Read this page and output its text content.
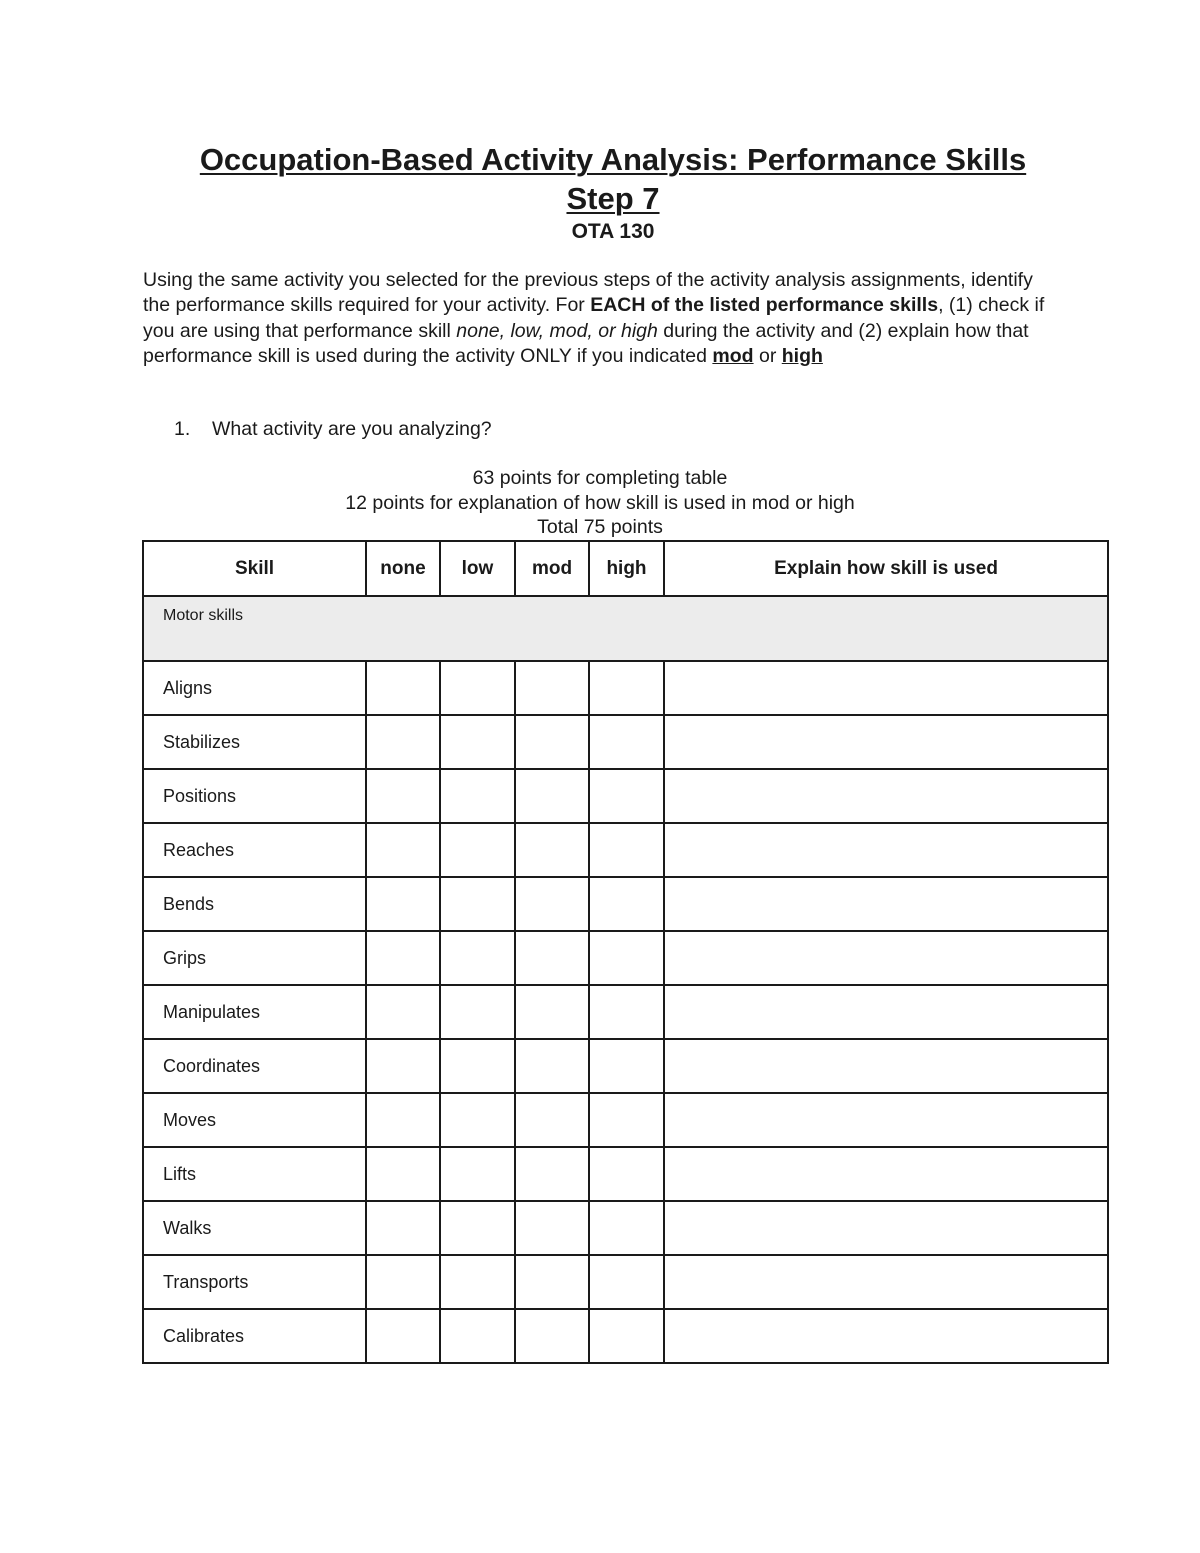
Occupation-Based Activity Analysis: Performance Skills
Step 7
OTA 130
Using the same activity you selected for the previous steps of the activity analysis assignments, identify the performance skills required for your activity. For EACH of the listed performance skills, (1) check if you are using that performance skill none, low, mod, or high during the activity and (2) explain how that performance skill is used during the activity ONLY if you indicated mod or high
1. What activity are you analyzing?
63 points for completing table
12 points for explanation of how skill is used in mod or high
Total 75 points
Skill	none	low	mod	high	Explain how skill is used
Motor skills					
Aligns					
Stabilizes					
Positions					
Reaches					
Bends					
Grips					
Manipulates					
Coordinates					
Moves					
Lifts					
Walks					
Transports					
Calibrates					
